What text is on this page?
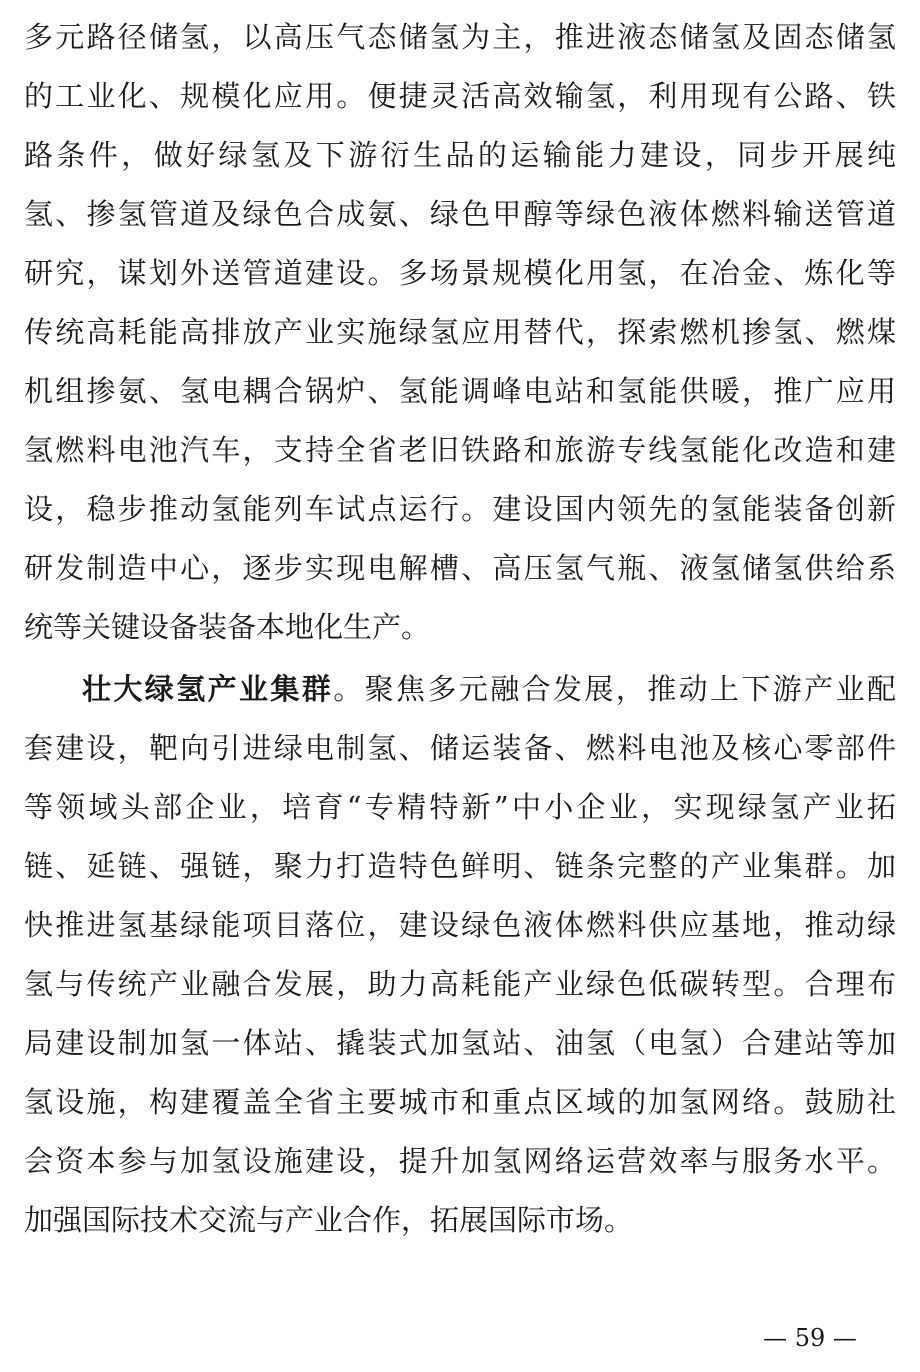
多元路径储氢，以高压气态储氢为主，推进液态储氢及固态储氢
的工业化、规模化应用。便捷灵活高效输氢，利用现有公路、铁
路条件，做好绿氢及下游衍生品的运输能力建设，同步开展纯
氢、掺氢管道及绿色合成氨、绿色甲醇等绿色液体燃料输送管道
研究，谋划外送管道建设。多场景规模化用氢，在冶金、炼化等
传统高耗能高排放产业实施绿氢应用替代，探索燃机掺氢、燃煤
机组掺氨、氢电耦合锅炉、氢能调峰电站和氢能供暖，推广应用
氢燃料电池汽车，支持全省老旧铁路和旅游专线氢能化改造和建
设，稳步推动氢能列车试点运行。建设国内领先的氢能装备创新
研发制造中心，逐步实现电解槽、高压氢气瓶、液氢储氢供给系
统等关键设备装备本地化生产。
壮大绿氢产业集群。聚焦多元融合发展，推动上下游产业配
套建设，靶向引进绿电制氢、储运装备、燃料电池及核心零部件
等领域头部企业，培育“专精特新”中小企业，实现绿氢产业拓
链、延链、强链，聚力打造特色鲜明、链条完整的产业集群。加
快推进氢基绿能项目落位，建设绿色液体燃料供应基地，推动绿
氢与传统产业融合发展，助力高耗能产业绿色低碳转型。合理布
局建设制加氢一体站、撬装式加氢站、油氢（电氢）合建站等加
氢设施，构建覆盖全省主要城市和重点区域的加氢网络。鼓励社
会资本参与加氢设施建设，提升加氢网络运营效率与服务水平。
加强国际技术交流与产业合作，拓展国际市场。
— 59 —
